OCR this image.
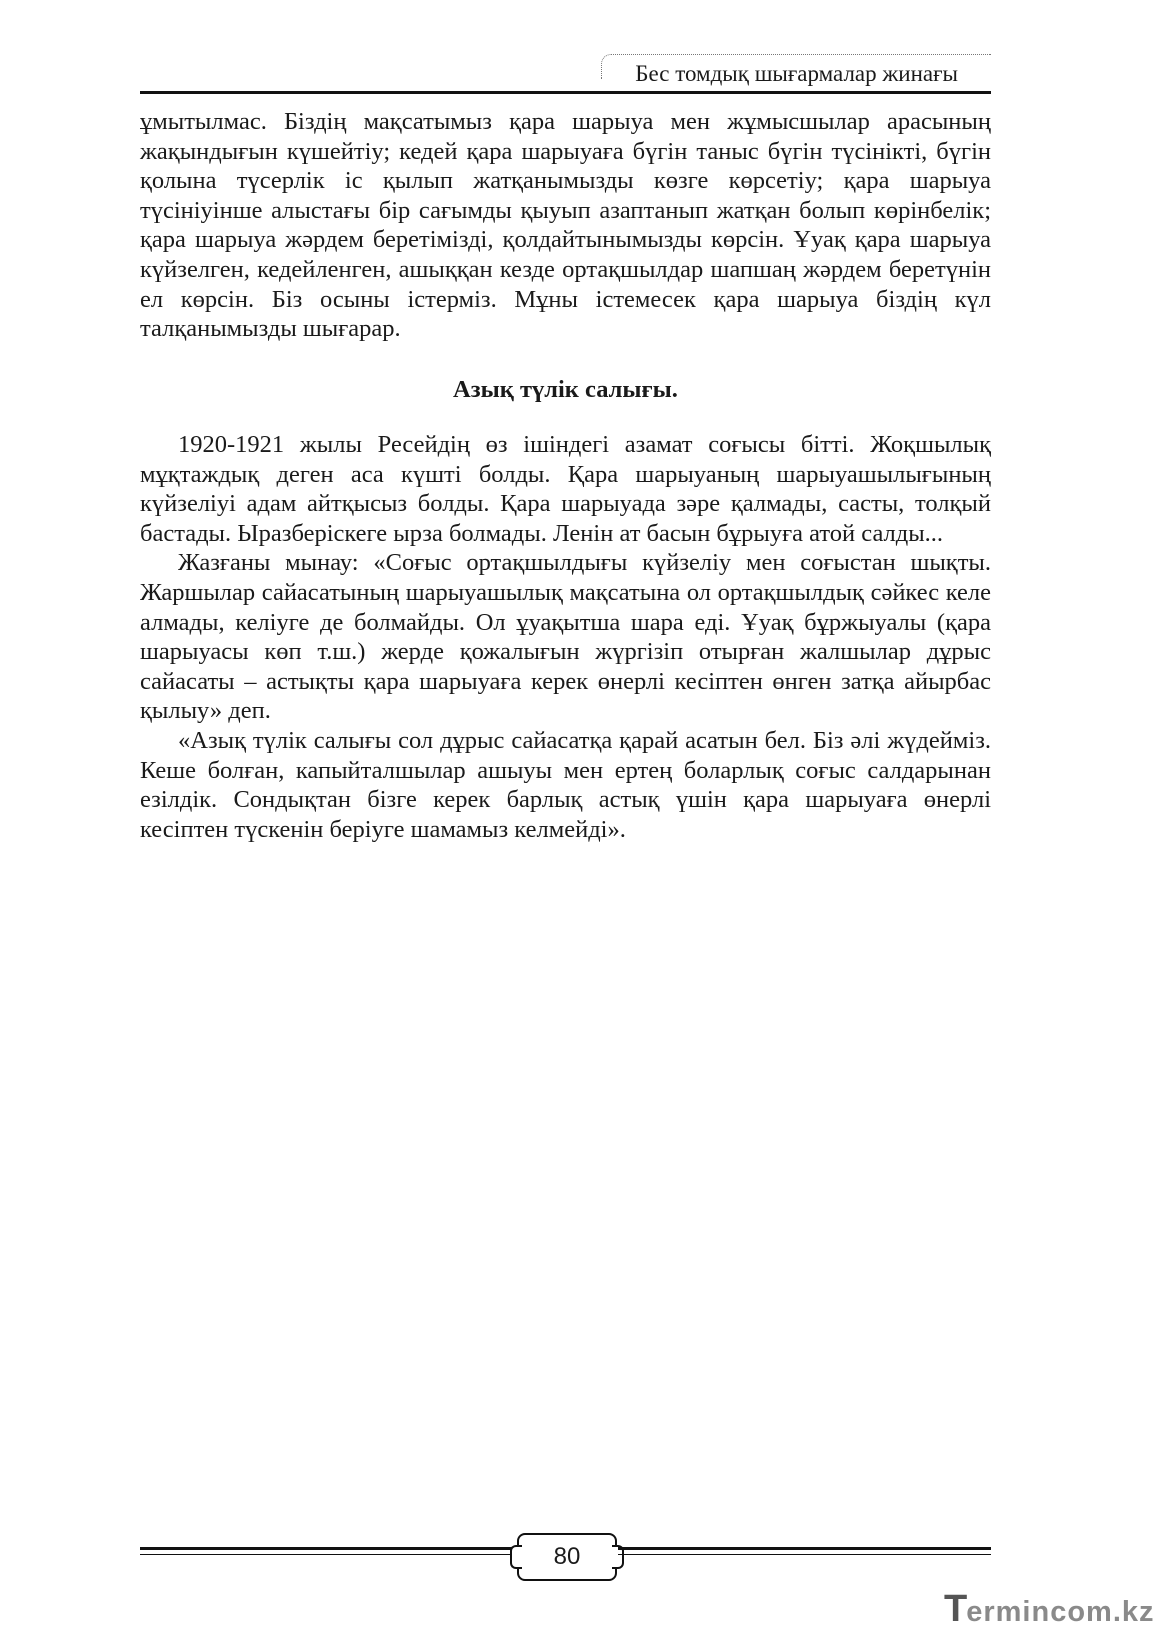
Бес томдық шығармалар жинағы

ұмытылмас. Біздің мақсатымыз қара шарыуа мен жұмысшылар арасының жақындығын күшейтіу; кедей қара шарыуаға бүгін таныс бүгін түсінікті, бүгін қолына түсерлік іс қылып жатқанымызды көзге көрсетіу; қара шарыуа түсініуінше алыстағы бір сағымды қыуып азаптанып жатқан болып көрінбелік; қара шарыуа жәрдем беретімізді, қолдайтынымызды көрсін. Ұуақ қара шарыуа күйзелген, кедейленген, ашыққан кезде ортақшылдар шапшаң жәрдем беретүнін ел көрсін. Біз осыны істерміз. Мұны істемесек қара шарыуа біздің күл талқанымызды шығарар.

Азық түлік салығы.

1920-1921 жылы Ресейдің өз ішіндегі азамат соғысы бітті. Жоқшылық мұқтаждық деген аса күшті болды. Қара шарыуаның шарыуашылығының күйзеліуі адам айтқысыз болды. Қара шарыуада зәре қалмады, састы, толқый бастады. Ыразберіскеге ырза болмады. Ленін ат басын бұрыуға атой салды...

Жазғаны мынау: «Соғыс ортақшылдығы күйзеліу мен соғыстан шықты. Жаршылар сайасатының шарыуашылық мақсатына ол ортақшылдық сәйкес келе алмады, келіуге де болмайды. Ол ұуақытша шара еді. Ұуақ бұржыуалы (қара шарыуасы көп т.ш.) жерде қожалығын жүргізіп отырған жалшылар дұрыс сайасаты – астықты қара шарыуаға керек өнерлі кесіптен өнген затқа айырбас қылыу» деп.

«Азық түлік салығы сол дұрыс сайасатқа қарай асатын бел. Біз әлі жүдейміз. Кеше болған, капыйталшылар ашыуы мен ертең боларлық соғыс салдарынан езілдік. Сондықтан бізге керек барлық астық үшін қара шарыуаға өнерлі кесіптен түскенін беріуге шамамыз келмейді».

80
Termincom.kz
